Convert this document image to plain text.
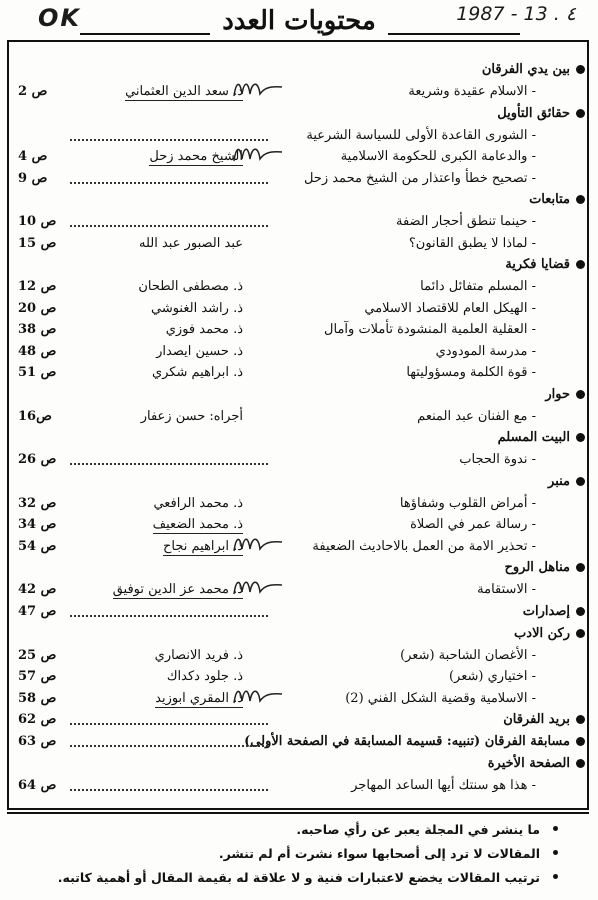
OK	1987 - 13 . ٤
محتويات العدد
بين يدي الفرقان
- الاسلام عقيدة وشريعة
د. سعد الدين العثماني
ص 2
حقائق التأويل
- الشورى القاعدة الأولى للسياسة الشرعية
- والدعامة الكبرى للحكومة الاسلامية
الشيخ محمد زحل
ص 4
- تصحيح خطأ واعتذار من الشيخ محمد زحل
ص 9
متابعات
- حينما تنطق أحجار الضفة
ص 10
- لماذا لا يطبق القانون؟
عبد الصبور عبد الله
ص 15
قضايا فكرية
- المسلم متفائل دائما
ذ. مصطفى الطحان
ص 12
- الهيكل العام للاقتصاد الاسلامي
ذ. راشد الغنوشي
ص 20
- العقلية العلمية المنشودة تأملات وآمال
ذ. محمد فوزي
ص 38
- مدرسة المودودي
ذ. حسين ايصدار
ص 48
- قوة الكلمة ومسؤوليتها
ذ. ابراهيم شكري
ص 51
حوار
- مع الفنان عبد المنعم
أجراه: حسن زعفار
ص16
البيت المسلم
- ندوة الحجاب
ص 26
منبر
- أمراض القلوب وشفاؤها
ذ. محمد الرافعي
ص 32
- رسالة عمر في الصلاة
ذ. محمد الضعيف
ص 34
- تحذير الامة من العمل بالاحاديث الضعيفة
ذ. ابراهيم نجاح
ص 54
مناهل الروح
- الاستقامة
ذ. محمد عز الدين توفيق
ص 42
إصدارات
ص 47
ركن الادب
- الأغصان الشاحبة (شعر)
ذ. فريد الانصاري
ص 25
- اختياري (شعر)
ذ. جلود دكداك
ص 57
- الاسلامية وقضية الشكل الفني (2)
ذ. المقري ابوزيد
ص 58
بريد الفرقان
ص 62
مسابقة الفرقان (تنبيه: قسيمة المسابقة في الصفحة الأولى)
ص 63
الصفحة الأخيرة
- هذا هو سنتك أيها الساعد المهاجر
ص 64
ما ينشر في المجلة يعبر عن رأي صاحبه.
المقالات لا ترد إلى أصحابها سواء نشرت أم لم تنشر.
ترتيب المقالات يخضع لاعتبارات فنية و لا علاقة له بقيمة المقال أو أهمية كاتبه.
